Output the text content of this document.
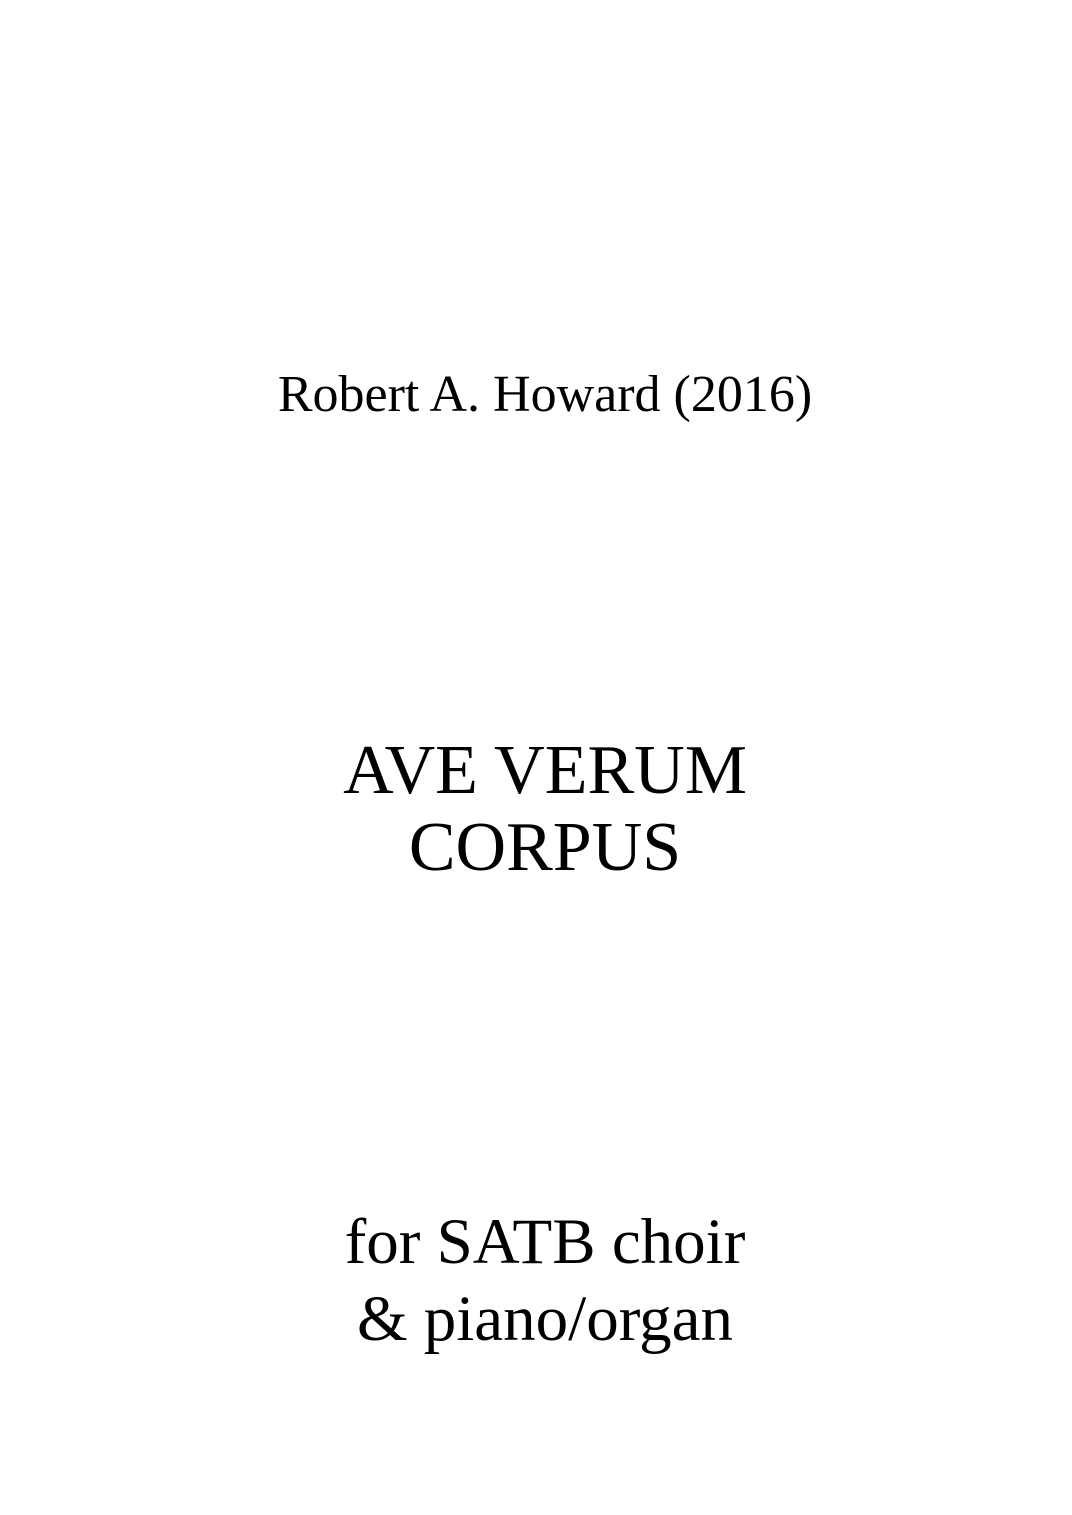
Robert A. Howard (2016)
AVE VERUM
CORPUS
for SATB choir
& piano/organ
